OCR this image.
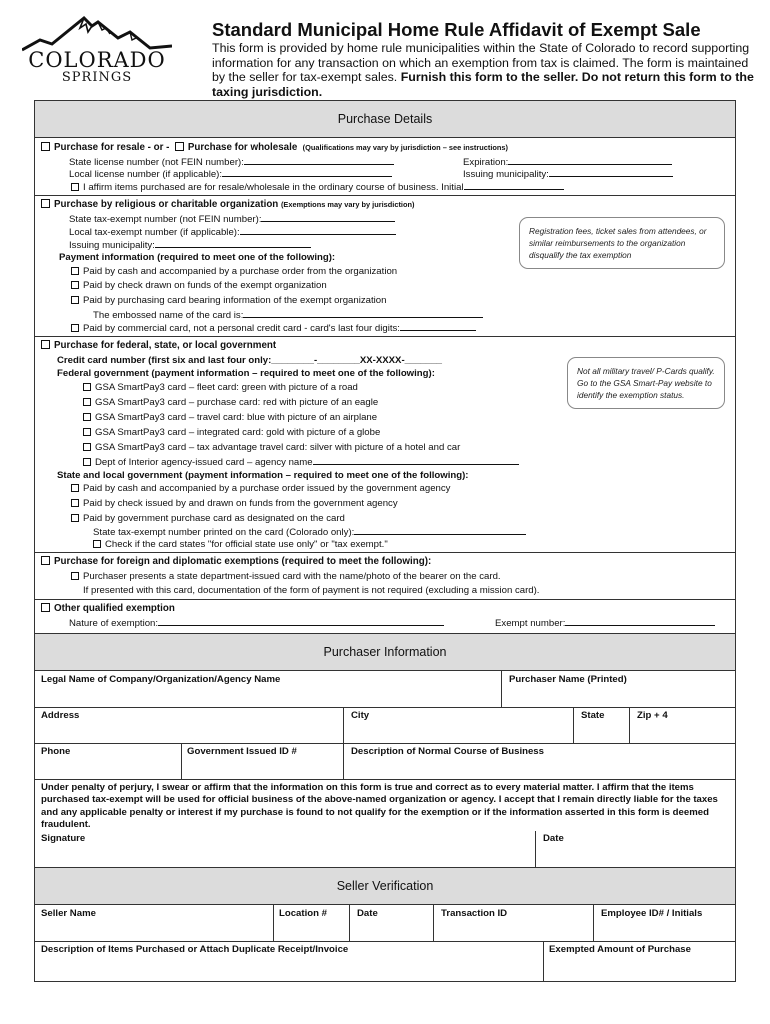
COLORADO
SPRINGS
Standard Municipal Home Rule Affidavit of Exempt Sale
This form is provided by home rule municipalities within the State of Colorado to record supporting information for any transaction on which an exemption from tax is claimed. The form is maintained by the seller for tax-exempt sales. Furnish this form to the seller. Do not return this form to the taxing jurisdiction.
Purchase Details
Purchase for resale - or -  Purchase for wholesale (Qualifications may vary by jurisdiction – see instructions)
State license number (not FEIN number):	Expiration:
Local license number (if applicable):	Issuing municipality:
I affirm items purchased are for resale/wholesale in the ordinary course of business. Initial
Purchase by religious or charitable organization (Exemptions may vary by jurisdiction)
State tax-exempt number (not FEIN number):
Local tax-exempt number (if applicable):
Issuing municipality:
Payment information (required to meet one of the following):
Paid by cash and accompanied by a purchase order from the organization
Paid by check drawn on funds of the exempt organization
Paid by purchasing card bearing information of the exempt organization
The embossed name of the card is:
Paid by commercial card, not a personal credit card - card's last four digits:
Registration fees, ticket sales from attendees, or similar reimbursements to the organization disqualify the tax exemption
Purchase for federal, state, or local government
Credit card number (first six and last four only:________-________XX-XXXX-_______
Federal government (payment information – required to meet one of the following):
GSA SmartPay3 card – fleet card: green with picture of a road
GSA SmartPay3 card – purchase card: red with picture of an eagle
GSA SmartPay3 card – travel card: blue with picture of an airplane
GSA SmartPay3 card – integrated card: gold with picture of a globe
GSA SmartPay3 card – tax advantage travel card: silver with picture of a hotel and car
Dept of Interior agency-issued card – agency name
State and local government (payment information – required to meet one of the following):
Paid by cash and accompanied by a purchase order issued by the government agency
Paid by check issued by and drawn on funds from the government agency
Paid by government purchase card as designated on the card
State tax-exempt number printed on the card (Colorado only):
Check if the card states "for official state use only" or "tax exempt."
Not all military travel/ P-Cards qualify. Go to the GSA Smart-Pay website to identify the exemption status.
Purchase for foreign and diplomatic exemptions (required to meet the following):
Purchaser presents a state department-issued card with the name/photo of the bearer on the card.
If presented with this card, documentation of the form of payment is not required (excluding a mission card).
Other qualified exemption
Nature of exemption:	Exempt number:
Purchaser Information
Legal Name of Company/Organization/Agency Name	Purchaser Name (Printed)
Address	City	State	Zip + 4
Phone	Government Issued ID #	Description of Normal Course of Business
Under penalty of perjury, I swear or affirm that the information on this form is true and correct as to every material matter. I affirm that the items purchased tax-exempt will be used for official business of the above-named organization or agency. I accept that I remain directly liable for the taxes and any applicable penalty or interest if my purchase is found to not qualify for the exemption or if the information asserted in this form is deemed fraudulent.
Signature	Date
Seller Verification
Seller Name	Location #	Date	Transaction ID	Employee ID# / Initials
Description of Items Purchased or Attach Duplicate Receipt/Invoice	Exempted Amount of Purchase
